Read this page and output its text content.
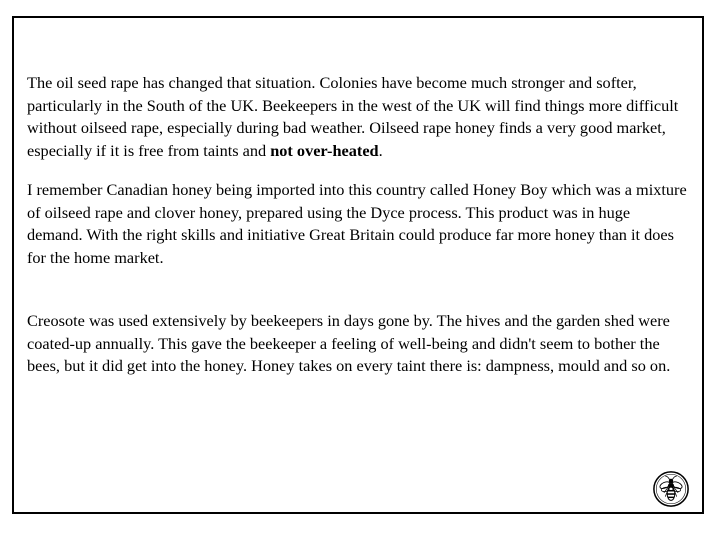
The oil seed rape has changed that situation. Colonies have become much stronger and softer, particularly in the South of the UK. Beekeepers in the west of the UK will find things more difficult without oilseed rape, especially during bad weather. Oilseed rape honey finds a very good market, especially if it is free from taints and not over-heated.

I remember Canadian honey being imported into this country called Honey Boy which was a mixture of oilseed rape and clover honey, prepared using the Dyce process. This product was in huge demand. With the right skills and initiative Great Britain could produce far more honey than it does for the home market.

Creosote was used extensively by beekeepers in days gone by. The hives and the garden shed were coated-up annually. This gave the beekeeper a feeling of well-being and didn't seem to bother the bees, but it did get into the honey. Honey takes on every taint there is: dampness, mould and so on.
